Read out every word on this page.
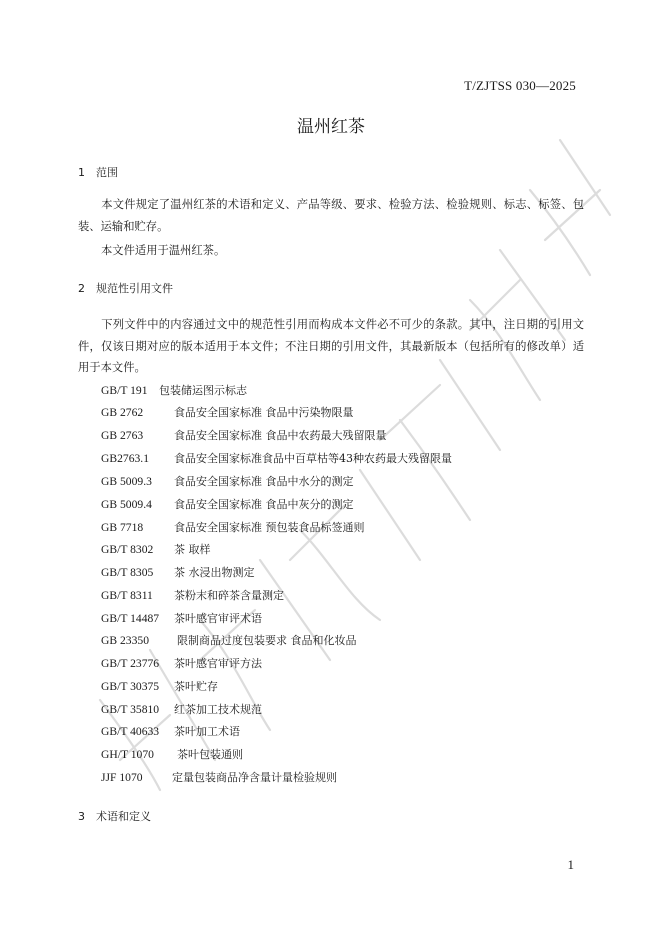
T/ZJTSS 030—2025
温州红茶
1 范围
本文件规定了温州红茶的术语和定义、产品等级、要求、检验方法、检验规则、标志、标签、包装、运输和贮存。
本文件适用于温州红茶。
2 规范性引用文件
下列文件中的内容通过文中的规范性引用而构成本文件必不可少的条款。其中，注日期的引用文件，仅该日期对应的版本适用于本文件；不注日期的引用文件，其最新版本（包括所有的修改单）适用于本文件。
GB/T 191 包装储运图示标志
GB 2762	食品安全国家标准 食品中污染物限量
GB 2763	食品安全国家标准 食品中农药最大残留限量
GB2763.1 食品安全国家标准食品中百草枯等43种农药最大残留限量
GB 5009.3 食品安全国家标准 食品中水分的测定
GB 5009.4 食品安全国家标准 食品中灰分的测定
GB 7718	食品安全国家标准 预包装食品标签通则
GB/T 8302 茶 取样
GB/T 8305 茶 水浸出物测定
GB/T 8311 茶粉末和碎茶含量测定
GB/T 14487 茶叶感官审评术语
GB 23350	限制商品过度包装要求 食品和化妆品
GB/T 23776 茶叶感官审评方法
GB/T 30375 茶叶贮存
GB/T 35810 红茶加工技术规范
GB/T 40633 茶叶加工术语
GH/T 1070 茶叶包装通则
JJF 1070	定量包装商品净含量计量检验规则
3 术语和定义
1
